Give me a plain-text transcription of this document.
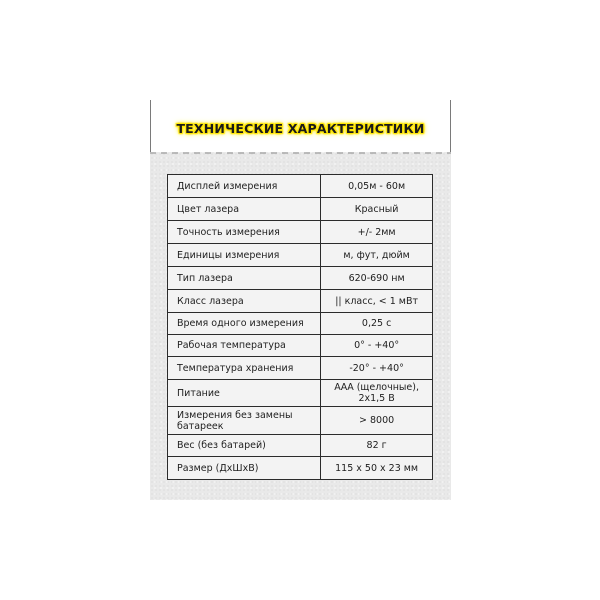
ТЕХНИЧЕСКИЕ ХАРАКТЕРИСТИКИ
Дисплей измерения	0,05м - 60м
Цвет лазера	Красный
Точность измерения	+/- 2мм
Единицы измерения	м, фут, дюйм
Тип лазера	620-690 нм
Класс лазера	|| класс, < 1 мВт
Время одного измерения	0,25 с
Рабочая температура	0° - +40°
Температура хранения	-20° - +40°
Питание	ААА (щелочные), 2х1,5 В
Измерения без замены батареек	> 8000
Вес (без батарей)	82 г
Размер (ДхШхВ)	115 х 50 х 23 мм
